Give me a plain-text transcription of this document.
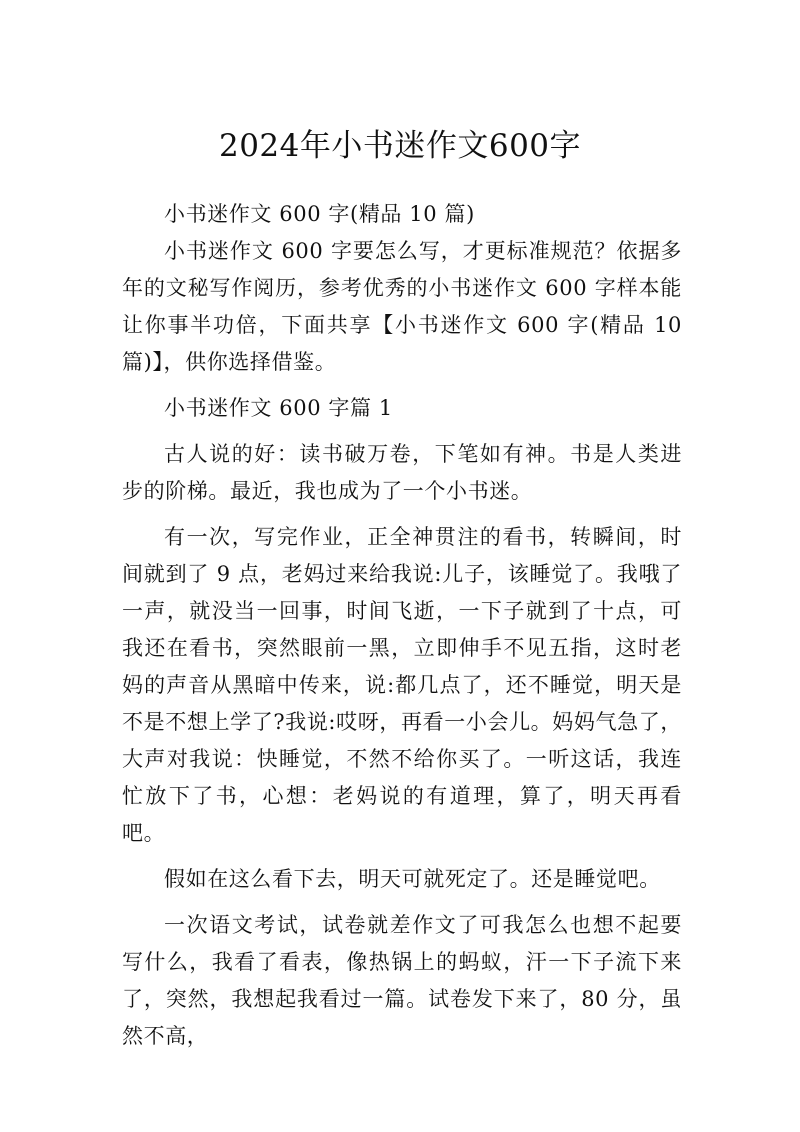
2024年小书迷作文600字

小书迷作文 600 字(精品 10 篇)

小书迷作文 600 字要怎么写，才更标准规范？依据多年的文秘写作阅历，参考优秀的小书迷作文 600 字样本能让你事半功倍，下面共享【小书迷作文 600 字(精品 10 篇)】，供你选择借鉴。

小书迷作文 600 字篇 1

古人说的好：读书破万卷，下笔如有神。书是人类进步的阶梯。最近，我也成为了一个小书迷。

有一次，写完作业，正全神贯注的看书，转瞬间，时间就到了 9 点，老妈过来给我说:儿子，该睡觉了。我哦了一声，就没当一回事，时间飞逝，一下子就到了十点，可我还在看书，突然眼前一黑，立即伸手不见五指，这时老妈的声音从黑暗中传来，说:都几点了，还不睡觉，明天是不是不想上学了?我说:哎呀，再看一小会儿。妈妈气急了，大声对我说：快睡觉，不然不给你买了。一听这话，我连忙放下了书，心想：老妈说的有道理，算了，明天再看吧。

假如在这么看下去，明天可就死定了。还是睡觉吧。

一次语文考试，试卷就差作文了可我怎么也想不起要写什么，我看了看表，像热锅上的蚂蚁，汗一下子流下来了，突然，我想起我看过一篇。试卷发下来了，80 分，虽然不高，
